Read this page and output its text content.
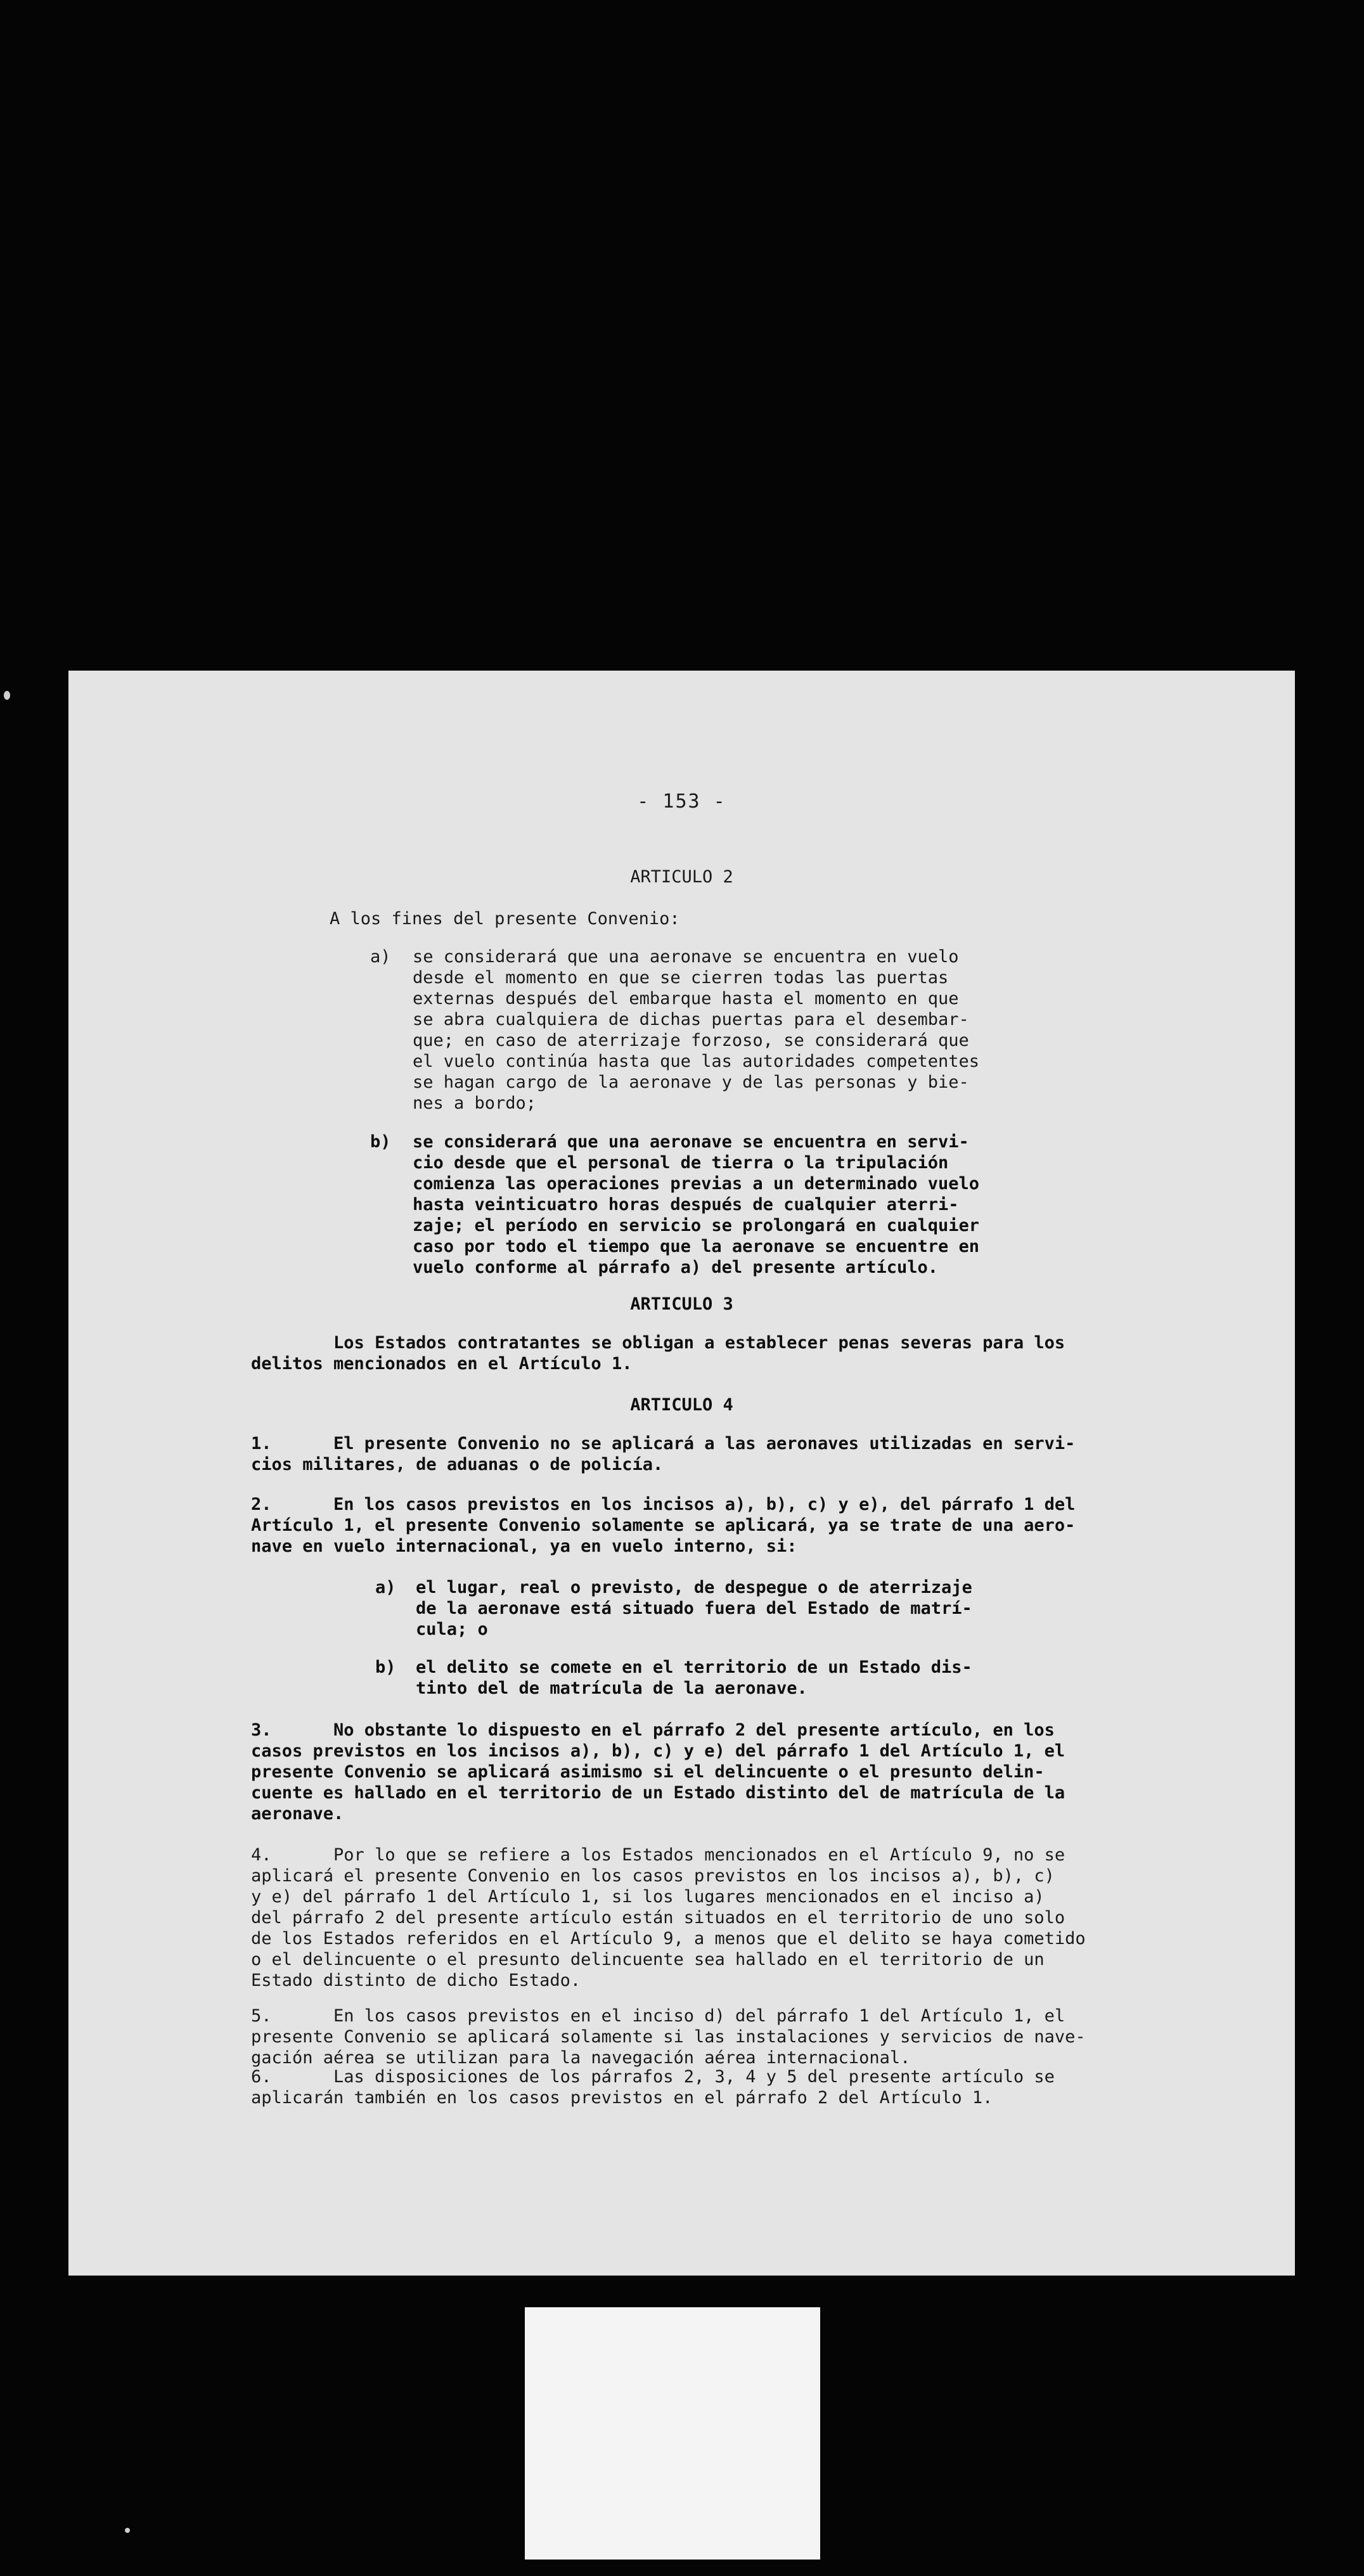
- 153 -
ARTICULO 2
A los fines del presente Convenio:
a) se considerará que una aeronave se encuentra en vuelo
desde el momento en que se cierren todas las puertas
externas después del embarque hasta el momento en que
se abra cualquiera de dichas puertas para el desembar-
que; en caso de aterrizaje forzoso, se considerará que
el vuelo continúa hasta que las autoridades competentes
se hagan cargo de la aeronave y de las personas y bie-
nes a bordo;
b) se considerará que una aeronave se encuentra en servi-
cio desde que el personal de tierra o la tripulación
comienza las operaciones previas a un determinado vuelo
hasta veinticuatro horas después de cualquier aterri-
zaje; el período en servicio se prolongará en cualquier
caso por todo el tiempo que la aeronave se encuentre en
vuelo conforme al párrafo a) del presente artículo.
ARTICULO 3
Los Estados contratantes se obligan a establecer penas severas para los
delitos mencionados en el Artículo 1.
ARTICULO 4
1.      El presente Convenio no se aplicará a las aeronaves utilizadas en servi-
cios militares, de aduanas o de policía.
2.      En los casos previstos en los incisos a), b), c) y e), del párrafo 1 del
Artículo 1, el presente Convenio solamente se aplicará, ya se trate de una aero-
nave en vuelo internacional, ya en vuelo interno, si:
a) el lugar, real o previsto, de despegue o de aterrizaje
de la aeronave está situado fuera del Estado de matrí-
cula; o
b) el delito se comete en el territorio de un Estado dis-
tinto del de matrícula de la aeronave.
3.      No obstante lo dispuesto en el párrafo 2 del presente artículo, en los
casos previstos en los incisos a), b), c) y e) del párrafo 1 del Artículo 1, el
presente Convenio se aplicará asimismo si el delincuente o el presunto delin-
cuente es hallado en el territorio de un Estado distinto del de matrícula de la
aeronave.
4.      Por lo que se refiere a los Estados mencionados en el Artículo 9, no se
aplicará el presente Convenio en los casos previstos en los incisos a), b), c)
y e) del párrafo 1 del Artículo 1, si los lugares mencionados en el inciso a)
del párrafo 2 del presente artículo están situados en el territorio de uno solo
de los Estados referidos en el Artículo 9, a menos que el delito se haya cometido
o el delincuente o el presunto delincuente sea hallado en el territorio de un
Estado distinto de dicho Estado.
5.      En los casos previstos en el inciso d) del párrafo 1 del Artículo 1, el
presente Convenio se aplicará solamente si las instalaciones y servicios de nave-
gación aérea se utilizan para la navegación aérea internacional.
6.      Las disposiciones de los párrafos 2, 3, 4 y 5 del presente artículo se
aplicarán también en los casos previstos en el párrafo 2 del Artículo 1.
